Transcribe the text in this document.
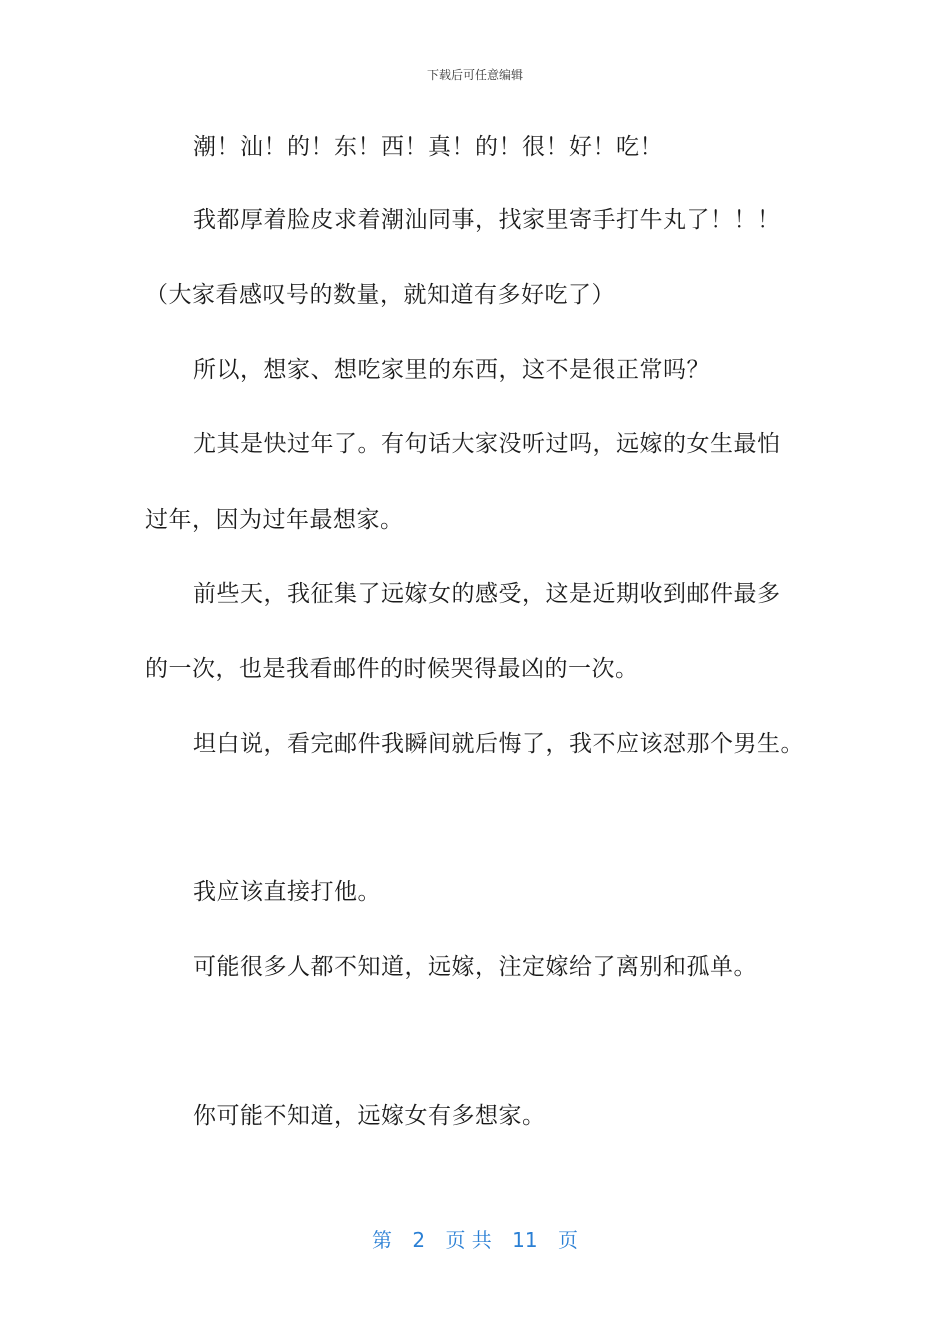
下载后可任意编辑
潮！汕！的！东！西！真！的！很！好！吃！
我都厚着脸皮求着潮汕同事，找家里寄手打牛丸了！！！
（大家看感叹号的数量，就知道有多好吃了）
所以，想家、想吃家里的东西，这不是很正常吗？
尤其是快过年了。有句话大家没听过吗，远嫁的女生最怕
过年，因为过年最想家。
前些天，我征集了远嫁女的感受，这是近期收到邮件最多
的一次，也是我看邮件的时候哭得最凶的一次。
坦白说，看完邮件我瞬间就后悔了，我不应该怼那个男生。
我应该直接打他。
可能很多人都不知道，远嫁，注定嫁给了离别和孤单。
你可能不知道，远嫁女有多想家。
第 2 页 共 11 页
